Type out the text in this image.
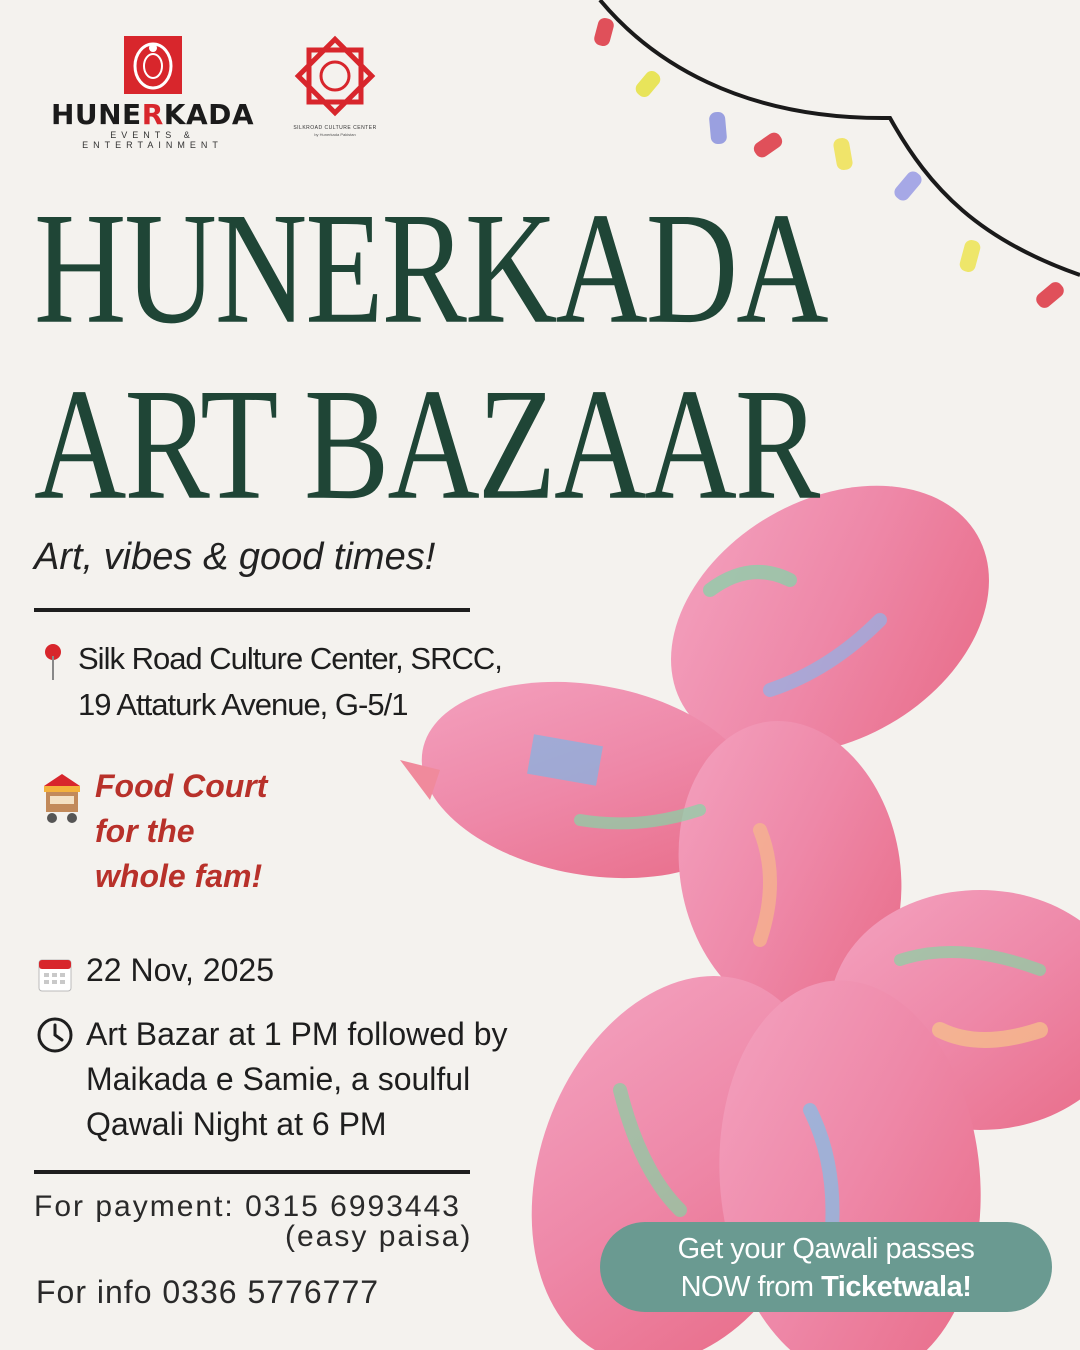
HUNERKADA
EVENTS & ENTERTAINMENT
SILKROAD CULTURE CENTER
by Hunerkada Pakistan
HUNERKADA
ART BAZAAR
Art, vibes & good times!
Silk Road Culture Center, SRCC,
19 Attaturk Avenue, G-5/1
Food Court
for the
whole fam!
22 Nov, 2025
Art Bazar at 1 PM followed by
Maikada e Samie, a soulful
Qawali Night at 6 PM
For payment: 0315 6993443
(easy paisa)
For info 0336 5776777
Get your Qawali passes
NOW from Ticketwala!
